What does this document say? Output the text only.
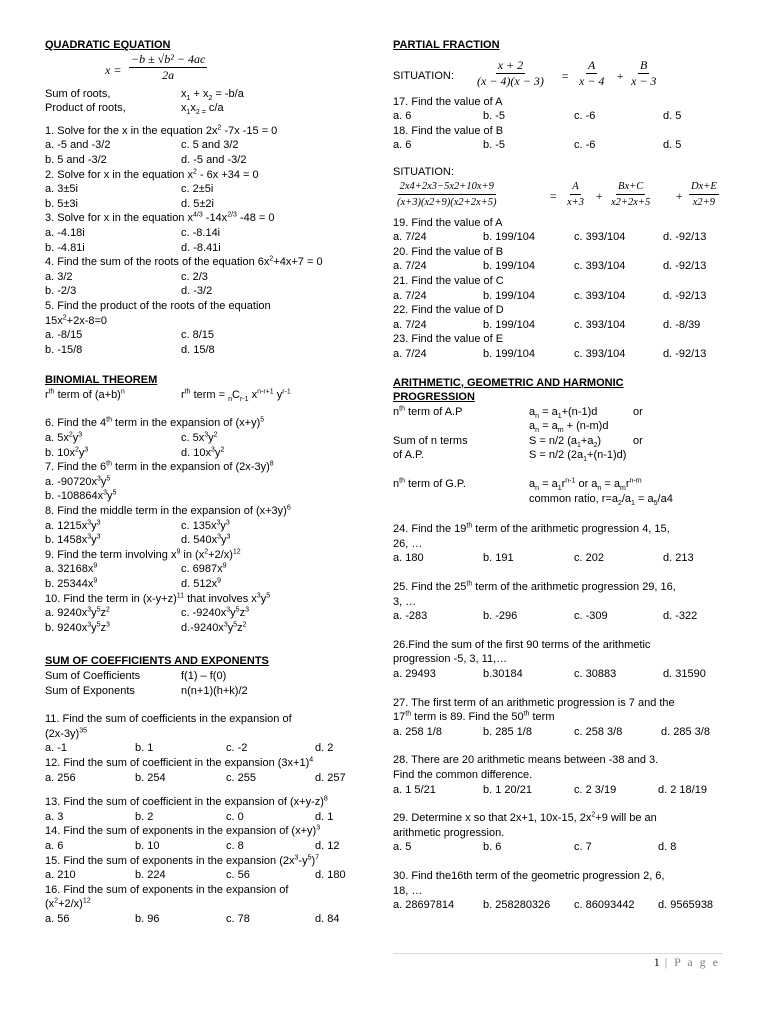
QUADRATIC EQUATION
$x = \frac{\text{−b ± √b² − 4ac}}{2a}$
Sum of roots,	$x_1 + x_2 = -b/a$
Product of roots,	$x_1x_{2 =}$ c/a
1. Solve for the x in the equation $2x^2$ -7x -15 = 0
a. -5 and -3/2	c. 5 and 3/2
b. 5 and -3/2	d. -5 and -3/2
2. Solve for x in the equation $x^2 - 6x +34 = 0$
a. 3±5i	c. 2±5i
b. 5±3i	d. 5±2i
3. Solve for x in the equation $x^{4/3}$ $-14x^{2/3}$ -48 = 0
a. -4.18i	c. -8.14i
b. -4.81i	d. -8.41i
4. Find the sum of the roots of the equation $6x^2+4x+7 = 0$
a. 3/2	c. 2/3
b. -2/3	d. -3/2
5. Find the product of the roots of the equation
$15x^2+2x-8=0$
a. -8/15	c. 8/15
b. -15/8	d. 15/8
BINOMIAL THEOREM
$r^{th}$ term of $(a+b)^n$	$r^{th}$ term = $_nC_{r-1}$ $x^{n-r+1}$ $y^{r-1}$
6. Find the 4th term in the expansion of $(x+y)^5$
a. $5x^2y^3$	c. $5x^3y^2$
b. $10x^2y^3$	d. $10x^3y^2$
7. Find the 6th term in the expansion of $(2x-3y)^8$
a. $-90720x^3y^5$
b. $-108864x^3y^5$
8. Find the middle term in the expansion of $(x+3y)^6$
a. $1215x^3y^3$	c. $135x^3y^3$
b. $1458x^3y^3$	d. $540x^3y^3$
9. Find the term involving $x^9$ in $(x^2+2/x)^{12}$
a. $32168x^9$	c. $6987x^9$
b. $25344x^9$	d. $512x^9$
10. Find the term in $(x-y+z)^{11}$ that involves $x^3y^5$
a. $9240x^3y^5z^2$	c. $-9240x^3y^5z^3$
b. $9240x^3y^5z^3$	$d.-9240x^3y^5z^2$
SUM OF COEFFICIENTS AND EXPONENTS
Sum of Coefficients	f(1) – f(0)
Sum of Exponents	n(n+1)(h+k)/2
11. Find the sum of coefficients in the expansion of
$(2x-3y)^{35}$
a. -1	b. 1	c. -2	d. 2
12. Find the sum of coefficient in the expansion $(3x+1)^4$
a. 256	b. 254	c. 255	d. 257
13. Find the sum of coefficient in the expansion of $(x+y-z)^8$
a. 3	b. 2	c. 0	d. 1
14. Find the sum of exponents in the expansion of $(x+y)^3$
a. 6	b. 10	c. 8	d. 12
15. Find the sum of exponents in the expansion $(2x^3-y^5)^7$
a. 210	b. 224	c. 56	d. 180
16. Find the sum of exponents in the expansion of
$(x^2+2/x)^{12}$
a. 56	b. 96	c. 78	d. 84
PARTIAL FRACTION
SITUATION: $\frac{x + 2}{(x - 4)(x - 3)} = \frac{A}{x - 4} + \frac{B}{x - 3}$
17. Find the value of A
a. 6	b. -5	c. -6	d. 5
18. Find the value of B
a. 6	b. -5	c. -6	d. 5
SITUATION:
$\frac{2x4+2x3-5x2+10x+9}{(x+3)(x2+9)(x2+2x+5)}$	= $\frac{A}{x+3} + \frac{Bx+C}{x2+2x+5} + \frac{Dx+E}{x2+9}$
19. Find the value of A
a. 7/24	b. 199/104	c. 393/104	d. -92/13
20. Find the value of B
a. 7/24	b. 199/104	c. 393/104	d. -92/13
21. Find the value of C
a. 7/24	b. 199/104	c. 393/104	d. -92/13
22. Find the value of D
a. 7/24	b. 199/104	c. 393/104	d. -8/39
23. Find the value of E
a. 7/24	b. 199/104	c. 393/104	d. -92/13
ARITHMETIC, GEOMETRIC AND HARMONIC
PROGRESSION
$n^{th}$ term of A.P	$a_n = a_1+(n-1)d$	or
$a_n = a_m + (n-m)d$
Sum of n terms	S = n/2 $(a_1+a_2)$	or
of A.P.	S = n/2 $(2a_1+(n-1)d)$
$n^{th}$ term of G.P.	$a_n = a_1r^{n-1}$ or $a_n = a_mr^{n-m}$
common ratio, $r=a_2/a_1 = a_5/a4$
24. Find the 19th term of the arithmetic progression 4, 15,
26, …
a. 180	b. 191	c. 202	d. 213
25. Find the 25th term of the arithmetic progression 29, 16,
3, …
a. -283	b. -296	c. -309	d. -322
26.Find the sum of the first 90 terms of the arithmetic
progression -5, 3, 11,…
a. 29493	b.30184	c. 30883	d. 31590
27. The first term of an arithmetic progression is 7 and the
17th term is 89. Find the 50th term
a. 258 1/8	b. 285 1/8	c. 258 3/8	d. 285 3/8
28. There are 20 arithmetic means between -38 and 3.
Find the common difference.
a. 1 5/21	b. 1 20/21	c. 2 3/19	d. 2 18/19
29. Determine x so that 2x+1, 10x-15, $2x^2+9$ will be an
arithmetic progression.
a. 5	b. 6	c. 7	d. 8
30. Find the16th term of the geometric progression 2, 6,
18, …
a. 28697814	b. 258280326 c. 86093442 d. 9565938
1 | P a g e
